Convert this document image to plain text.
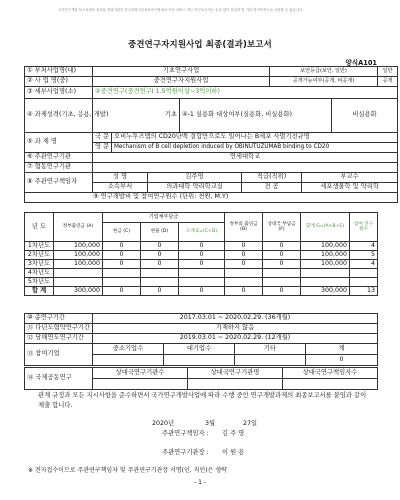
국가연구개발 보고서원문 성과물 전담기관인 한국과학기술정보연구원에서 가공·서비스 하는 연구보고서는 동의 없이 상업적 및 기타 영리목적으로 사용할 수 없습니다.
중견연구자지원사업 최종(결과)보고서
양식A101
① 부처사업명(대)	기초연구사업					보안등급(보안, 일반)			일반
② 사 업 명(중)	중견연구자지원사업					공개가능여부(공개, 비공개)			공개
③ 세부사업명(소)	④중견연구(중견연구I 1.5억원이상~3억이하)								
④ 과제성격(기초, 응용, 개발)	기초			④-1 실용화 대상여부(실용화, 비실용화)				비실용화	
⑤ 과 제 명	국 문	오비누투즈맵의 CD20단백 결합만으로도 일어나는 B세포 사멸기전규명							
	영 문	Mechanism of B cell depletion induced by OBINUTUZUMAB binding to CD20							
⑥ 주관연구기관	연세대학교								
⑦ 협동연구기관									
⑧ 주관연구책임자	성 명		김주영		직급(직위)		부교수		
	소속부서		의과대학 약리학교실		전 공		세포생물학 및 약리학		
⑨ 연구개발비 및 참여연구원수 (단위: 천원, M.Y)									
년 도	정부출연금 (A)	기업체부담금			정부외 출연금 (B)	상대국 부담금 (F)	합계 G=(A+B+E)	참여 연구원수
		현금 (C)	현물 (D)	소계 E=(C+D)				
1차년도	100,000	0	0	0	0	0	100,000	4
2차년도	100,000	0	0	0	0	0	100,000	5
3차년도	100,000	0	0	0	0	0	100,000	4
4차년도								
5차년도								
합 계	300,000	0	0	0	0	0	300,000	13
⑩ 총연구기간	2017.03.01 ~ 2020.02.29. (36개월)			
⑪ 다년도협약연구기간	기재하지 않음			
⑫ 당해연도연구기간	2019.03.01 ~ 2020.02.29. (12개월)			
⑬ 참여기업	중소기업수	대기업수	기타	계
				0
⑭ 국제공동연구	상대국연구기관수	상대국연구기관명	상대국연구책임자수

관계 규정과 모든 지시사항을 준수하면서 국가연구개발사업에 따라 수행 중인 연구개발과제의 최종보고서를 붙임과 같이 제출 합니다.
2020년	3월	27일
주관연구책임자 : 김 주 영
주관연구기관장 : 이 원 용
※ 전자접수이므로 주관연구책임자 및 주관연구기관장 서명(인, 직인)은 생략
- 1 -
